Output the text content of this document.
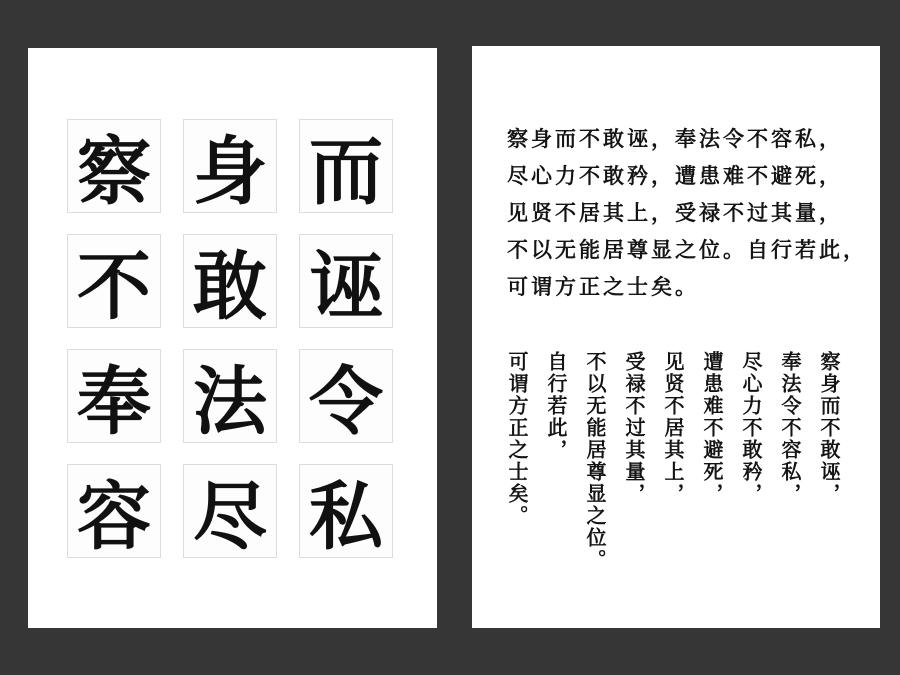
察 身 而
不 敢 诬
奉 法 令
容 尽 私
察身而不敢诬，奉法令不容私，
尽心力不敢矜，遭患难不避死，
见贤不居其上，受禄不过其量，
不以无能居尊显之位。自行若此，
可谓方正之士矣。
察身而不敢诬，
奉法令不容私，
尽心力不敢矜，
遭患难不避死，
见贤不居其上，
受禄不过其量，
不以无能居尊显之位。
自行若此，
可谓方正之士矣。
